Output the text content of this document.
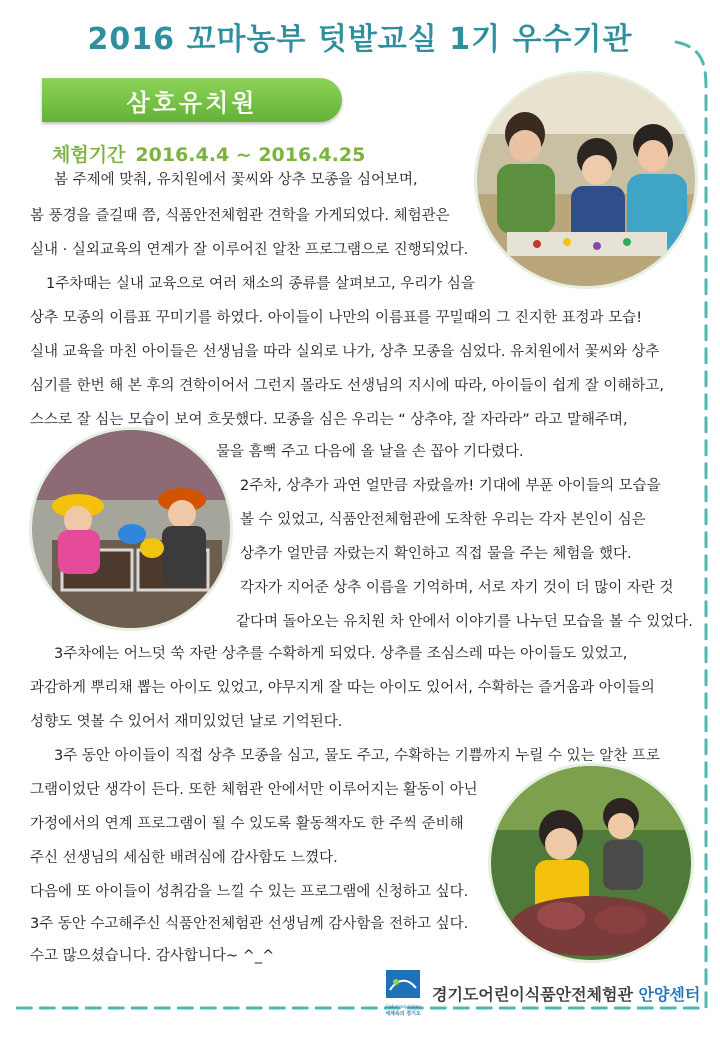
2016 꼬마농부 텃밭교실 1기 우수기관
삼호유치원
체험기간 2016.4.4 ~ 2016.4.25

봄 주제에 맞춰, 유치원에서 꽃씨와 상추 모종을 심어보며,

봄 풍경을 즐길때 쯤, 식품안전체험관 견학을 가게되었다. 체험관은

실내 · 실외교육의 연계가 잘 이루어진 알찬 프로그램으로 진행되었다.

1주차때는 실내 교육으로 여러 채소의 종류를 살펴보고, 우리가 심을

상추 모종의 이름표 꾸미기를 하였다. 아이들이 나만의 이름표를 꾸밀때의 그 진지한 표정과 모습!

실내 교육을 마친 아이들은 선생님을 따라 실외로 나가, 상추 모종을 심었다. 유치원에서 꽃씨와 상추

심기를 한번 해 본 후의 견학이어서 그런지 몰라도 선생님의 지시에 따라, 아이들이 쉽게 잘 이해하고,

스스로 잘 심는 모습이 보여 흐뭇했다. 모종을 심은 우리는 “ 상추야, 잘 자라라” 라고 말해주며,

물을 흠뻑 주고 다음에 올 날을 손 꼽아 기다렸다.

2주차, 상추가 과연 얼만큼 자랐을까! 기대에 부푼 아이들의 모습을

볼 수 있었고, 식품안전체험관에 도착한 우리는 각자 본인이 심은

상추가 얼만큼 자랐는지 확인하고 직접 물을 주는 체험을 했다.

각자가 지어준 상추 이름을 기억하며, 서로 자기 것이 더 많이 자란 것

같다며 돌아오는 유치원 차 안에서 이야기를 나누던 모습을 볼 수 있었다.

3주차에는 어느덧 쑥 자란 상추를 수확하게 되었다. 상추를 조심스레 따는 아이들도 있었고,

과감하게 뿌리채 뽑는 아이도 있었고, 야무지게 잘 따는 아이도 있어서, 수확하는 즐거움과 아이들의

성향도 엿볼 수 있어서 재미있었던 날로 기억된다.

3주 동안 아이들이 직접 상추 모종을 심고, 물도 주고, 수확하는 기쁨까지 누릴 수 있는 알찬 프로

그램이었단 생각이 든다. 또한 체험관 안에서만 이루어지는 활동이 아닌

가정에서의 연계 프로그램이 될 수 있도록 활동책자도 한 주씩 준비해

주신 선생님의 세심한 배려심에 감사함도 느꼈다.

다음에 또 아이들이 성취감을 느낄 수 있는 프로그램에 신청하고 싶다.

3주 동안 수고해주신 식품안전체험관 선생님께 감사함을 전하고 싶다.

수고 많으셨습니다. 감사합니다~ ^_^

Global Inspiration
세계속의 경기도
경기도어린이식품안전체험관 안양센터
